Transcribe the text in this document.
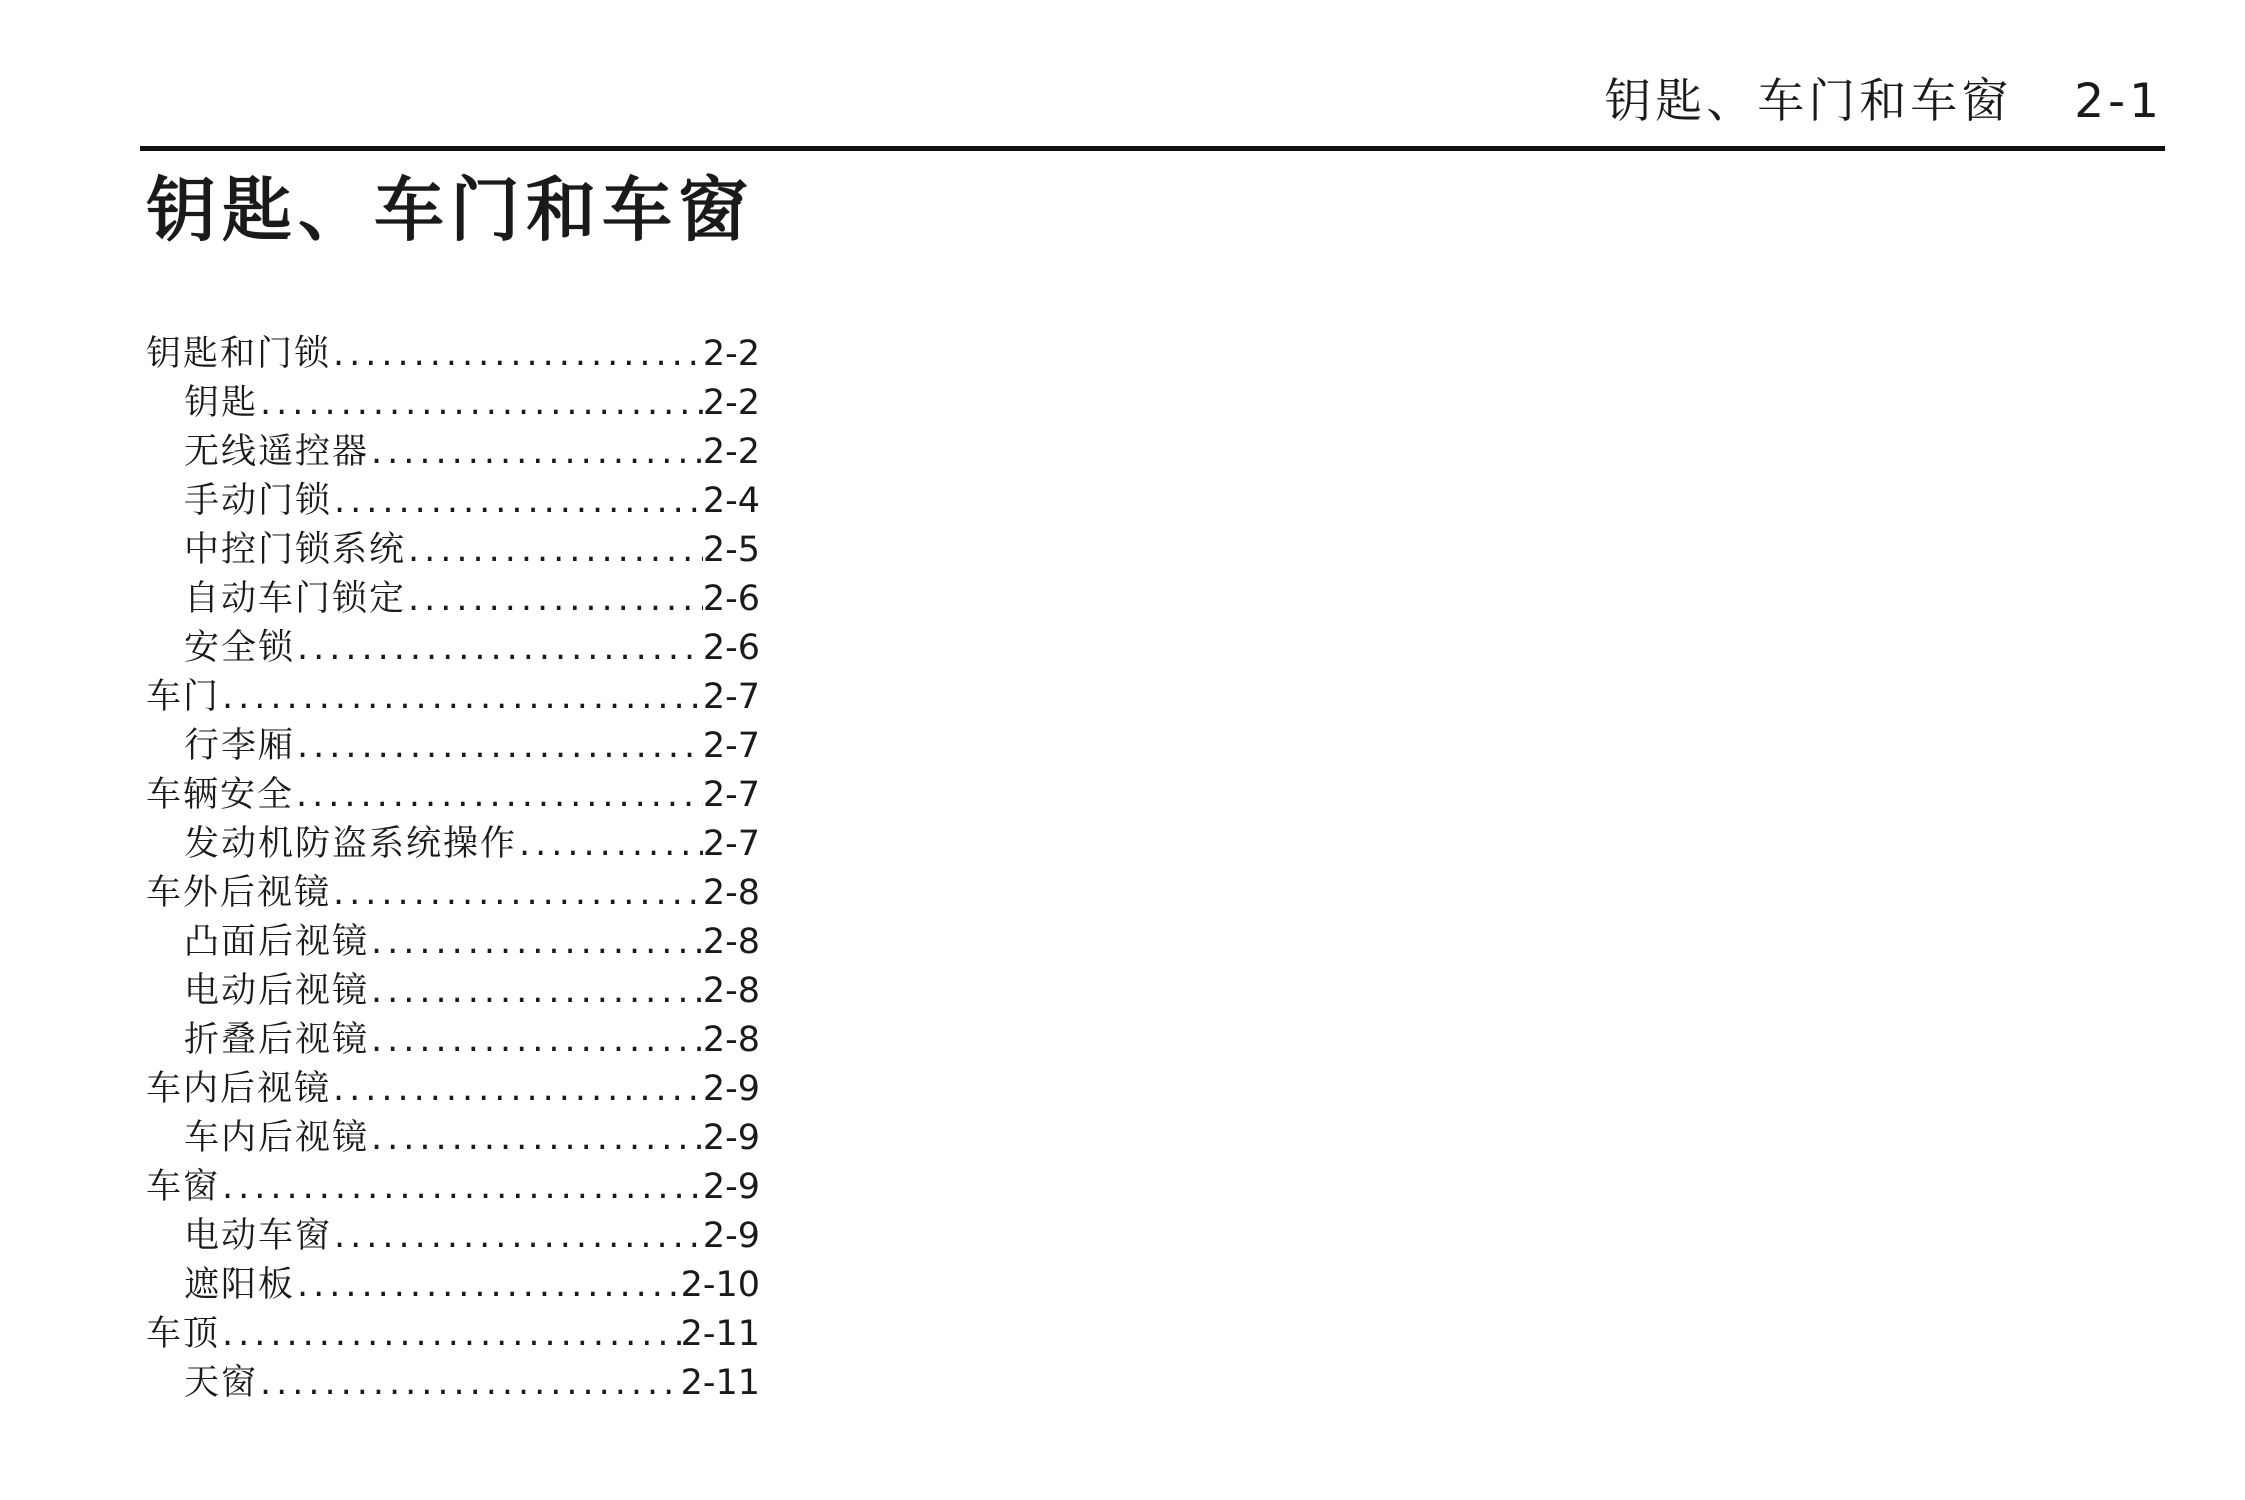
钥匙、车门和车窗 2-1
钥匙、车门和车窗
钥匙和门锁 .....	2-2
钥匙 .....	2-2
无线遥控器 .....	2-2
手动门锁 .....	2-4
中控门锁系统 .....	2-5
自动车门锁定 .....	2-6
安全锁 .....	2-6
车门 .....	2-7
行李厢 .....	2-7
车辆安全 .....	2-7
发动机防盗系统操作 .....	2-7
车外后视镜 .....	2-8
凸面后视镜 .....	2-8
电动后视镜 .....	2-8
折叠后视镜 .....	2-8
车内后视镜 .....	2-9
车内后视镜 .....	2-9
车窗 .....	2-9
电动车窗 .....	2-9
遮阳板 .....	2-10
车顶 .....	2-11
天窗 .....	2-11
